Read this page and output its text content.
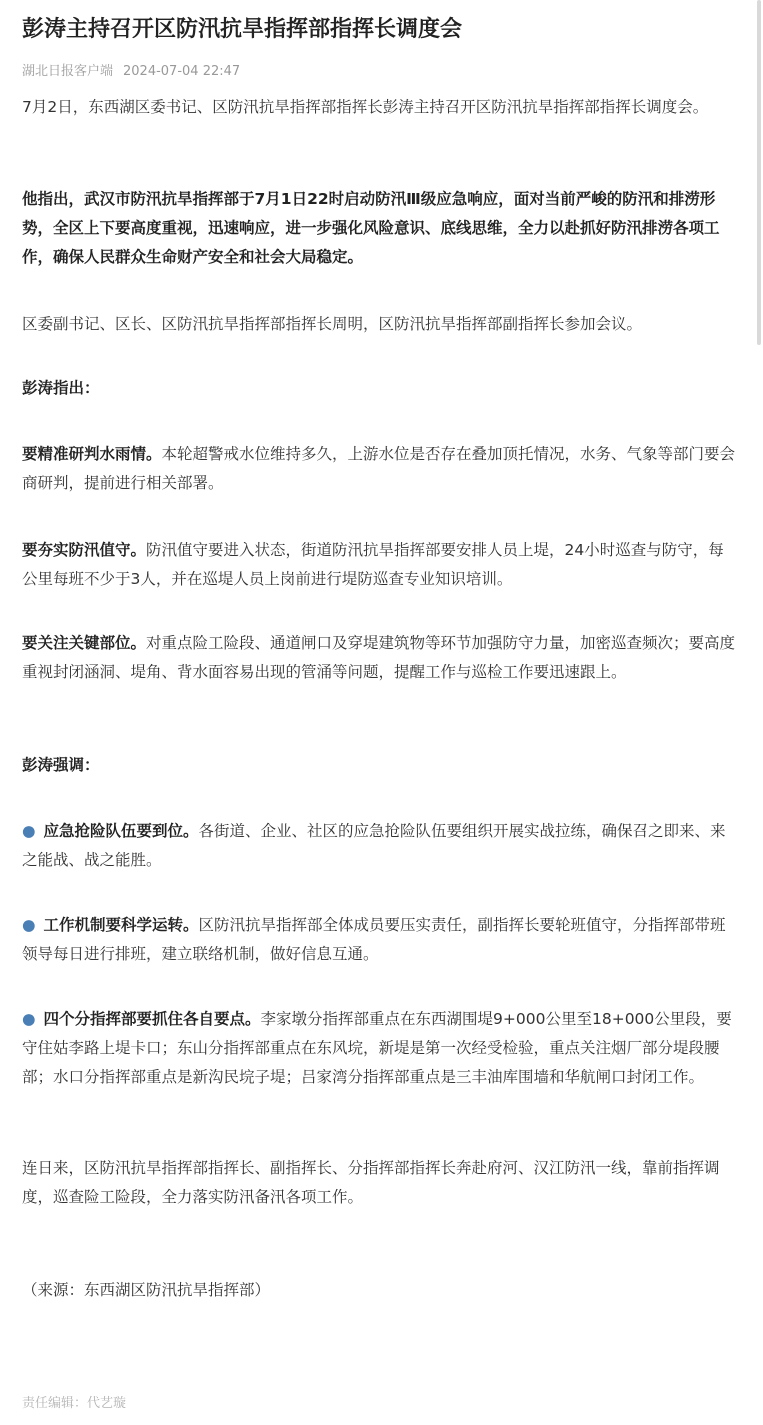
彭涛主持召开区防汛抗旱指挥部指挥长调度会
湖北日报客户端 2024-07-04 22:47

7月2日，东西湖区委书记、区防汛抗旱指挥部指挥长彭涛主持召开区防汛抗旱指挥部指挥长调度会。

他指出，武汉市防汛抗旱指挥部于7月1日22时启动防汛Ⅲ级应急响应，面对当前严峻的防汛和排涝形势，全区上下要高度重视，迅速响应，进一步强化风险意识、底线思维，全力以赴抓好防汛排涝各项工作，确保人民群众生命财产安全和社会大局稳定。

区委副书记、区长、区防汛抗旱指挥部指挥长周明，区防汛抗旱指挥部副指挥长参加会议。

彭涛指出：

要精准研判水雨情。本轮超警戒水位维持多久，上游水位是否存在叠加顶托情况，水务、气象等部门要会商研判，提前进行相关部署。

要夯实防汛值守。防汛值守要进入状态，街道防汛抗旱指挥部要安排人员上堤，24小时巡查与防守，每公里每班不少于3人，并在巡堤人员上岗前进行堤防巡查专业知识培训。

要关注关键部位。对重点险工险段、通道闸口及穿堤建筑物等环节加强防守力量，加密巡查频次；要高度重视封闭涵洞、堤角、背水面容易出现的管涌等问题，提醒工作与巡检工作要迅速跟上。

彭涛强调：

● 应急抢险队伍要到位。各街道、企业、社区的应急抢险队伍要组织开展实战拉练，确保召之即来、来之能战、战之能胜。

● 工作机制要科学运转。区防汛抗旱指挥部全体成员要压实责任，副指挥长要轮班值守，分指挥部带班领导每日进行排班，建立联络机制，做好信息互通。

● 四个分指挥部要抓住各自要点。李家墩分指挥部重点在东西湖围堤9+000公里至18+000公里段，要守住姑李路上堤卡口；东山分指挥部重点在东风垸，新堤是第一次经受检验，重点关注烟厂部分堤段腰部；水口分指挥部重点是新沟民垸子堤；吕家湾分指挥部重点是三丰油库围墙和华航闸口封闭工作。

连日来，区防汛抗旱指挥部指挥长、副指挥长、分指挥部指挥长奔赴府河、汉江防汛一线，靠前指挥调度，巡查险工险段，全力落实防汛备汛各项工作。

（来源：东西湖区防汛抗旱指挥部）

责任编辑：代艺璇
